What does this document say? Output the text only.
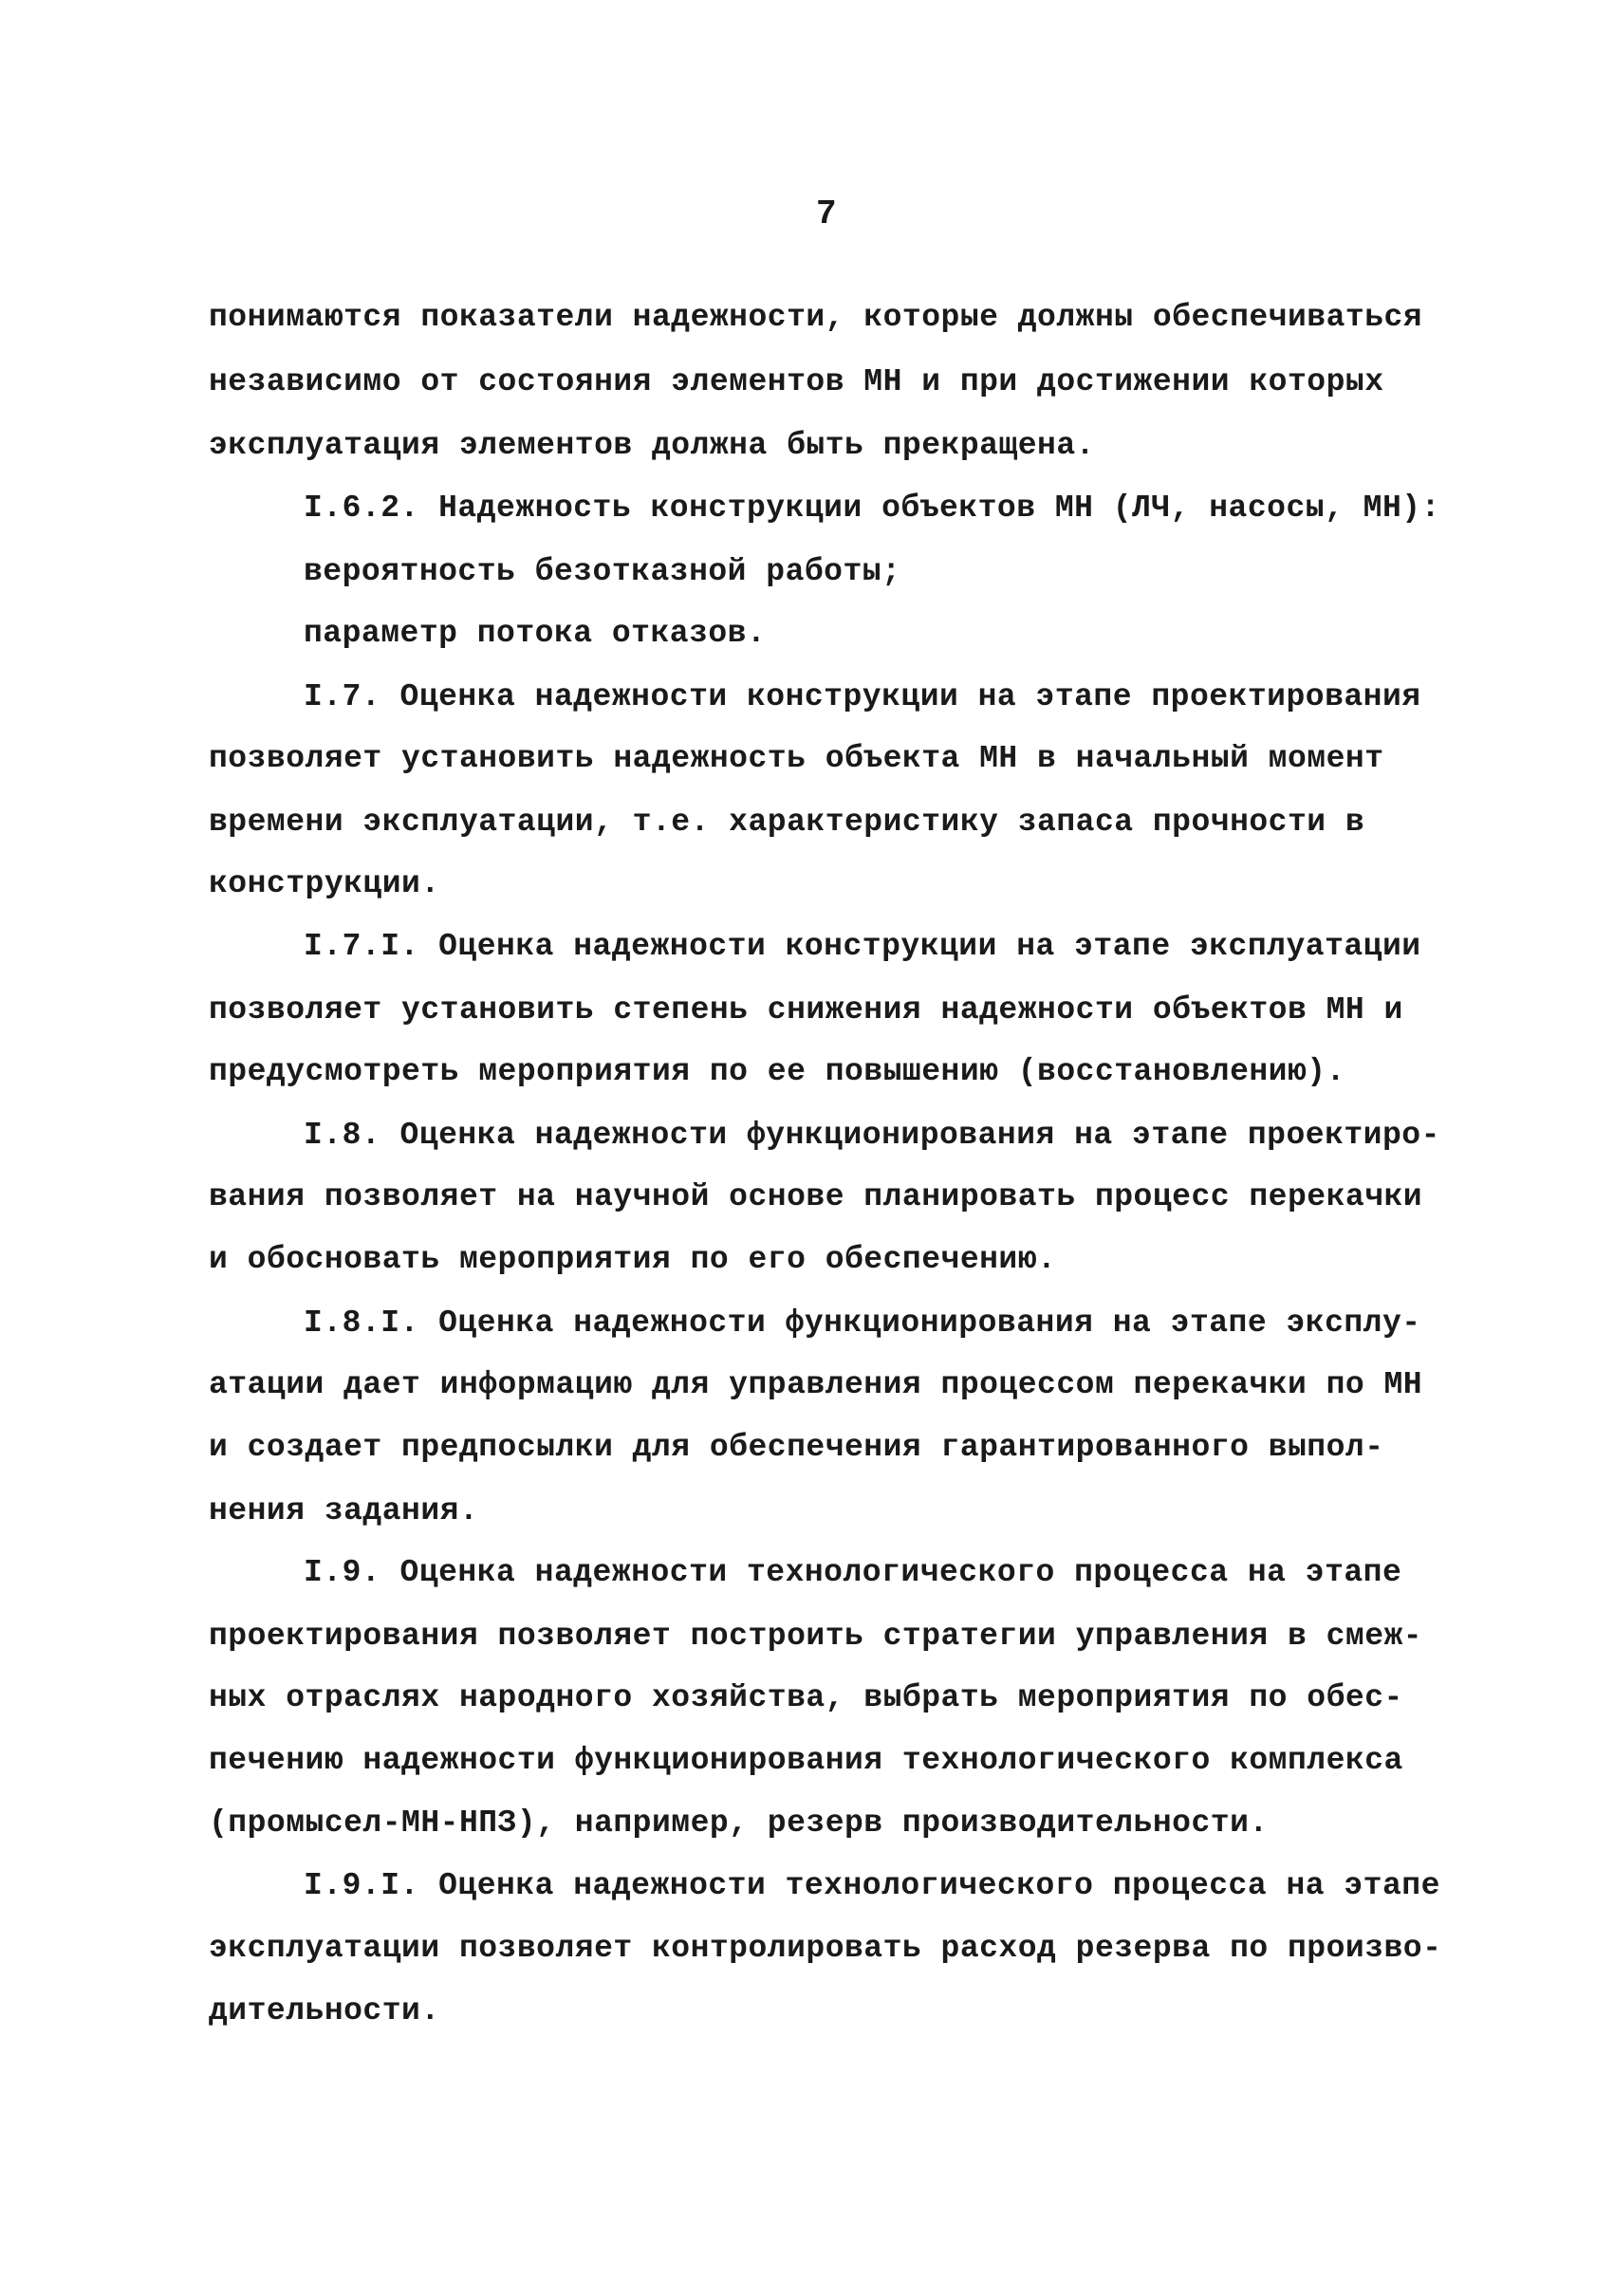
7
понимаются показатели надежности, которые должны обеспечиваться
независимо от состояния элементов МН и при достижении которых
эксплуатация элементов должна быть прекращена.
I.6.2. Надежность конструкции объектов МН (ЛЧ, насосы, МН):
вероятность безотказной работы;
параметр потока отказов.
I.7. Оценка надежности конструкции на этапе проектирования
позволяет установить надежность объекта МН в начальный момент
времени эксплуатации, т.е. характеристику запаса прочности в
конструкции.
I.7.I. Оценка надежности конструкции на этапе эксплуатации
позволяет установить степень снижения надежности объектов МН и
предусмотреть мероприятия по ее повышению (восстановлению).
I.8. Оценка надежности функционирования на этапе проектиро-
вания позволяет на научной основе планировать процесс перекачки
и обосновать мероприятия по его обеспечению.
I.8.I. Оценка надежности функционирования на этапе эксплу-
атации дает информацию для управления процессом перекачки по МН
и создает предпосылки для обеспечения гарантированного выпол-
нения задания.
I.9. Оценка надежности технологического процесса на этапе
проектирования позволяет построить стратегии управления в смеж-
ных отраслях народного хозяйства, выбрать мероприятия по обес-
печению надежности функционирования технологического комплекса
(промысел-МН-НПЗ), например, резерв производительности.
I.9.I. Оценка надежности технологического процесса на этапе
эксплуатации позволяет контролировать расход резерва по произво-
дительности.
